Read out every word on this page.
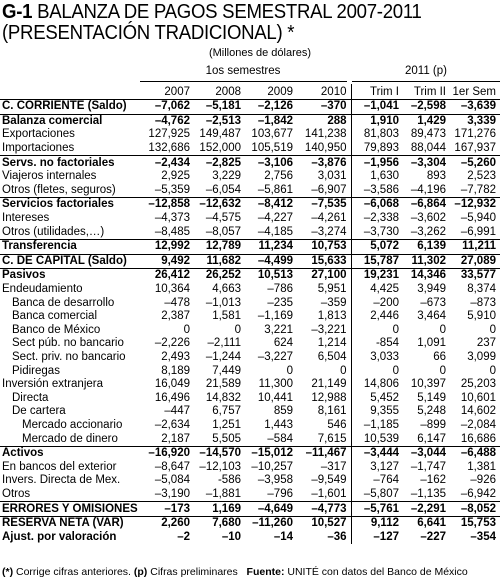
G-1 BALANZA DE PAGOS SEMESTRAL 2007-2011
(PRESENTACIÓN TRADICIONAL) *
(Millones de dólares)
1os semestres	2011 (p)
	2007	2008	2009	2010	Trim I	Trim II	1er Sem
C. CORRIENTE (Saldo)	–7,062	–5,181	–2,126	–370	–1,041	–2,598	–3,639
Balanza comercial	–4,762	–2,513	–1,842	288	1,910	1,429	3,339
Exportaciones	127,925	149,487	103,677	141,238	81,803	89,473	171,276
Importaciones	132,686	152,000	105,519	140,950	79,893	88,044	167,937
Servs. no factoriales	–2,434	–2,825	–3,106	–3,876	–1,956	–3,304	–5,260
Viajeros internales	2,925	3,229	2,756	3,031	1,630	893	2,523
Otros (fletes, seguros)	–5,359	–6,054	–5,861	–6,907	–3,586	–4,196	–7,782
Servicios factoriales	–12,858	–12,632	–8,412	–7,535	–6,068	–6,864	–12,932
Intereses	–4,373	–4,575	–4,227	–4,261	–2,338	–3,602	–5,940
Otros (utilidades,…)	–8,485	–8,057	–4,185	–3,274	–3,730	–3,262	–6,991
Transferencia	12,992	12,789	11,234	10,753	5,072	6,139	11,211
C. DE CAPITAL (Saldo)	9,492	11,682	–4,499	15,633	15,787	11,302	27,089
Pasivos	26,412	26,252	10,513	27,100	19,231	14,346	33,577
Endeudamiento	10,364	4,663	–786	5,951	4,425	3,949	8,374
Banca de desarrollo	–478	–1,013	–235	–359	–200	–673	–873
Banca comercial	2,387	1,581	–1,169	1,813	2,446	3,464	5,910
Banco de México	0	0	3,221	–3,221	0	0	0
Sect púb. no bancario	–2,226	–2,111	624	1,214	-854	1,091	237
Sect. priv. no bancario	2,493	–1,244	–3,227	6,504	3,033	66	3,099
Pidiregas	8,189	7,449	0	0	0	0	0
Inversión extranjera	16,049	21,589	11,300	21,149	14,806	10,397	25,203
Directa	16,496	14,832	10,441	12,988	5,452	5,149	10,601
De cartera	–447	6,757	859	8,161	9,355	5,248	14,602
Mercado accionario	–2,634	1,251	1,443	546	–1,185	–899	–2,084
Mercado de dinero	2,187	5,505	–584	7,615	10,539	6,147	16,686
Activos	–16,920	–14,570	–15,012	–11,467	–3,444	–3,044	–6,488
En bancos del exterior	–8,647	–12,103	–10,257	–317	3,127	–1,747	1,381
Invers. Directa de Mex.	–5,084	-586	–3,958	–9,549	–764	–162	–926
Otros	–3,190	–1,881	–796	–1,601	–5,807	–1,135	–6,942
ERRORES Y OMISIONES	–173	1,169	–4,649	–4,773	–5,761	–2,291	–8,052
RESERVA NETA (VAR)	2,260	7,680	–11,260	10,527	9,112	6,641	15,753
Ajust. por valoración	–2	–10	–14	–36	–127	–227	–354
(*) Corrige cifras anteriores. (p) Cifras preliminares Fuente: UNITÉ con datos del Banco de México
